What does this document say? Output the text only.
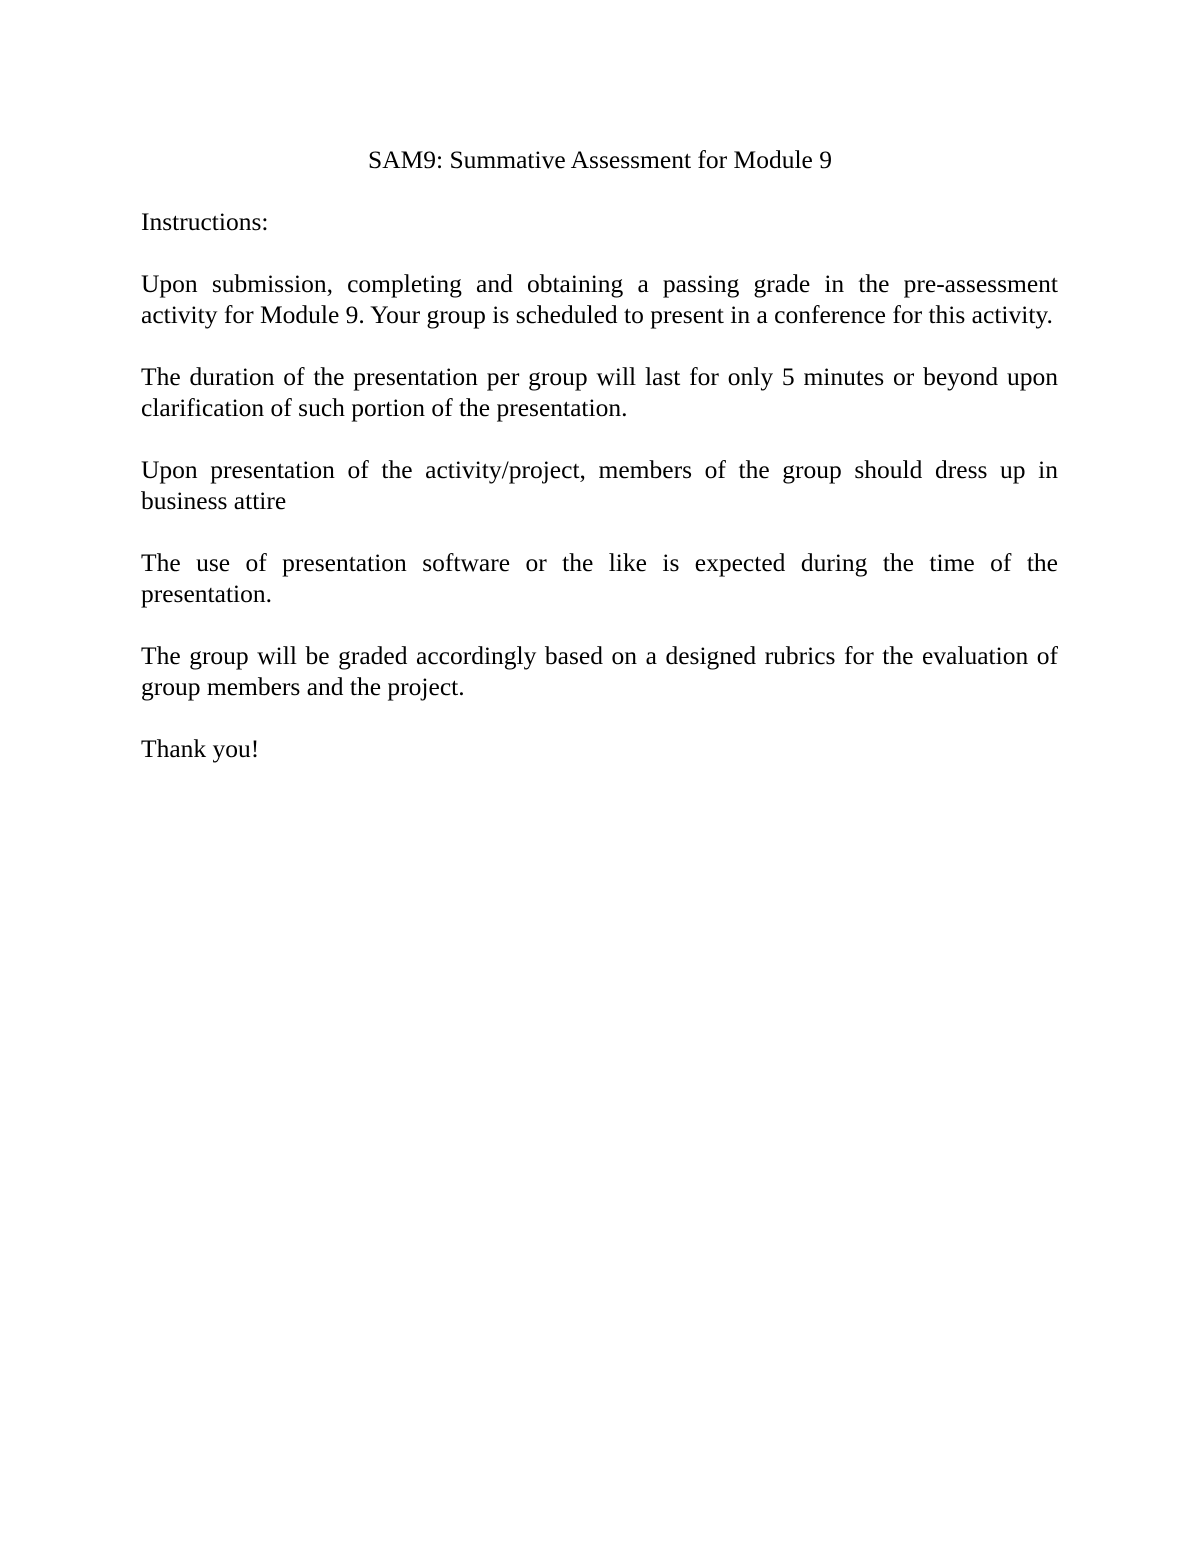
SAM9: Summative Assessment for Module 9

Instructions:

Upon submission, completing and obtaining a passing grade in the pre-assessment activity for Module 9. Your group is scheduled to present in a conference for this activity.

The duration of the presentation per group will last for only 5 minutes or beyond upon clarification of such portion of the presentation.

Upon presentation of the activity/project, members of the group should dress up in business attire

The use of presentation software or the like is expected during the time of the presentation.

The group will be graded accordingly based on a designed rubrics for the evaluation of group members and the project.

Thank you!
